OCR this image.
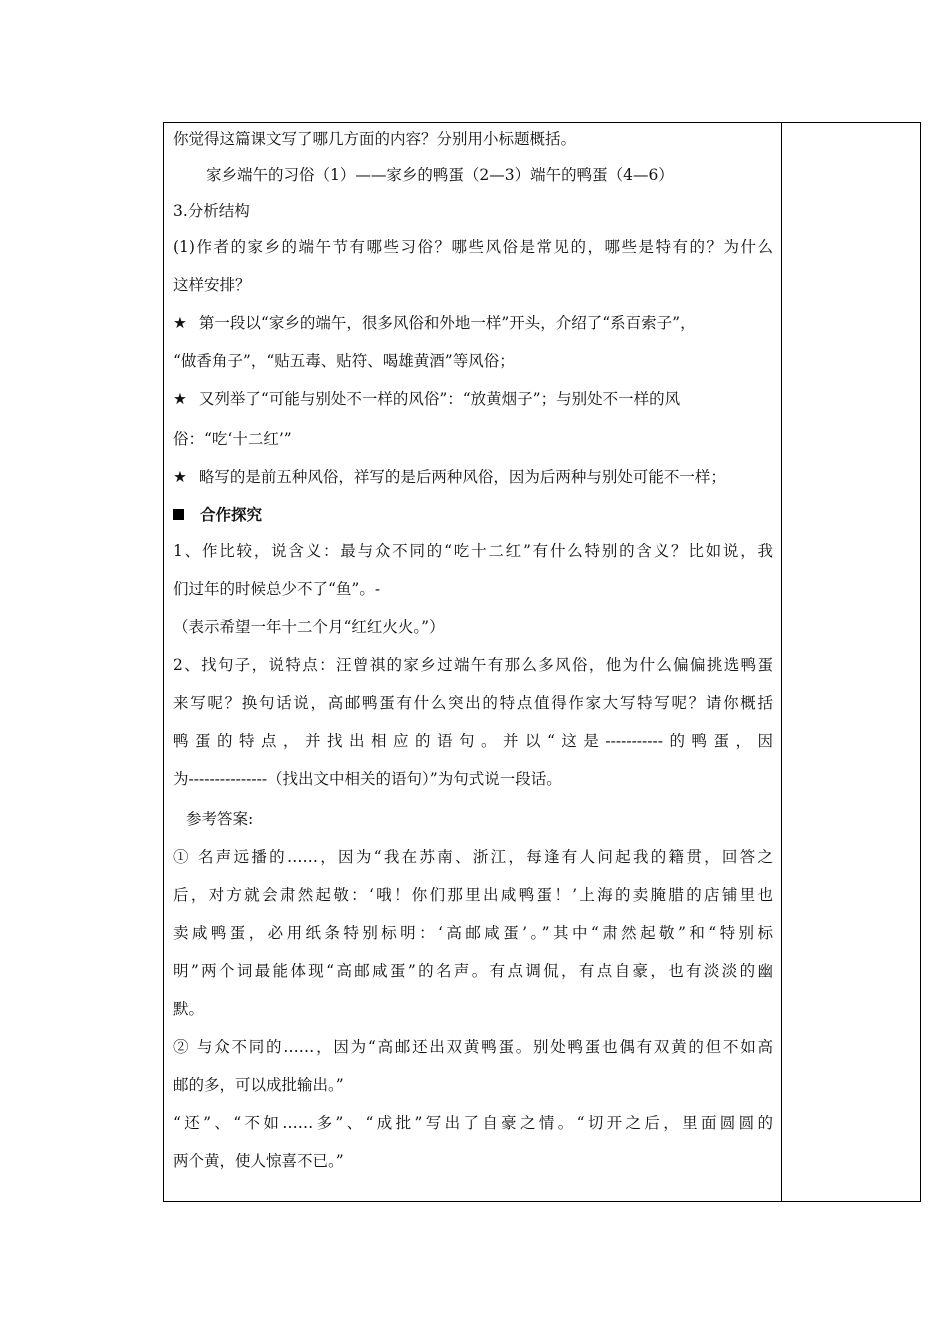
你觉得这篇课文写了哪几方面的内容？分别用小标题概括。
家乡端午的习俗（1）——家乡的鸭蛋（2—3）端午的鸭蛋（4—6）
3.分析结构
(1)作者的家乡的端午节有哪些习俗？哪些风俗是常见的，哪些是特有的？为什么
这样安排？
★ 第一段以“家乡的端午，很多风俗和外地一样”开头，介绍了“系百索子”，
“做香角子”，“贴五毒、贴符、喝雄黄酒”等风俗；
★ 又列举了“可能与别处不一样的风俗”：“放黄烟子”；与别处不一样的风
俗：“吃‘十二红’”
★ 略写的是前五种风俗，祥写的是后两种风俗，因为后两种与别处可能不一样；
合作探究
1、作比较，说含义：最与众不同的“吃十二红”有什么特别的含义？比如说，我
们过年的时候总少不了“鱼”。-
（表示希望一年十二个月“红红火火。”）
2、找句子，说特点：汪曾祺的家乡过端午有那么多风俗，他为什么偏偏挑选鸭蛋
来写呢？换句话说，高邮鸭蛋有什么突出的特点值得作家大写特写呢？请你概括
鸭蛋的特点，并找出相应的语句。并以“这是-----------的鸭蛋，因
为---------------（找出文中相关的语句）”为句式说一段话。
参考答案:
① 名声远播的……，因为“我在苏南、浙江，每逢有人问起我的籍贯，回答之
后，对方就会肃然起敬：‘哦！你们那里出咸鸭蛋！’上海的卖腌腊的店铺里也
卖咸鸭蛋，必用纸条特别标明：‘高邮咸蛋’。”其中“肃然起敬”和“特别标
明”两个词最能体现“高邮咸蛋”的名声。有点调侃，有点自豪，也有淡淡的幽
默。
② 与众不同的……，因为“高邮还出双黄鸭蛋。别处鸭蛋也偶有双黄的但不如高
邮的多，可以成批输出。”
“还”、“不如……多”、“成批”写出了自豪之情。“切开之后，里面圆圆的
两个黄，使人惊喜不已。”
